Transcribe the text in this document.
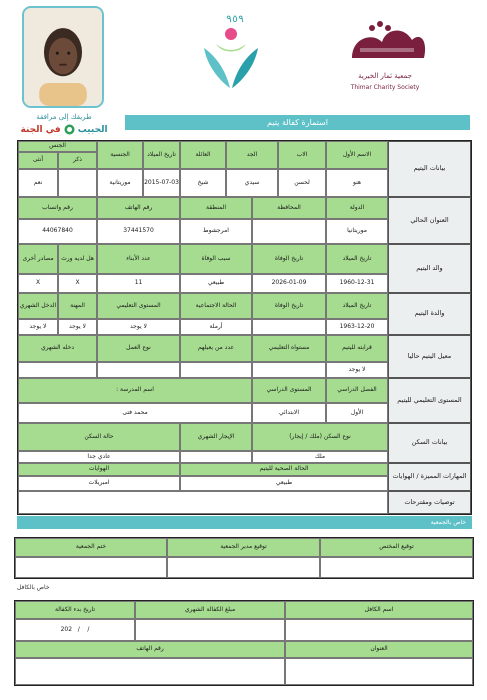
طريقك إلى مرافقة
الحبيب
في الجنة
٩٥٩
جمعية ثمار الخيرية
Thimar Charity Society
استمارة كفالة يتيم
بيانات اليتيم
الاسم الأول
الاب
الجد
العائلة
تاريخ الميلاد
الجنسية
الجنس
ذكر
أنثى
هنو
لحسن
سيدي
شيخ
2015-07-03
موريتانية
نعم
العنوان الحالي
الدولة
المحافظة
المنطقة
رقم الهاتف
رقم واتساب
موريتانيا
امرجشوط
37441570
44067840
والد اليتيم
تاريخ الميلاد
تاريخ الوفاة
سبب الوفاة
عدد الأبناء
هل لديه ورث
مصادر أخرى
1960-12-31
2026-01-09
طبيعي
11
X
X
والدة اليتيم
تاريخ الميلاد
تاريخ الوفاة
الحالة الاجتماعية
المستوى التعليمي
المهنة
الدخل الشهري
1963-12-20
أرملة
لا يوجد
لا يوجد
لا يوجد
معيل اليتيم حاليا
قرابته لليتيم
مستواه التعليمي
عدد من يعيلهم
نوع العمل
دخله الشهري
لا يوجد
المستوى التعليمي لليتيم
الفصل الدراسي
المستوى الدراسي
اسم المدرسة :
الأول
الابتدائي
محمد فتى
بيانات السكن
نوع السكن (ملك / إيجار)
الإيجار الشهري
حالة السكن
ملك
عادي جدا
المهارات المميزة / الهوايات
الحالة الصحية لليتيم
الهوايات
طبيعي
امبريلات
توصيات ومقترحات
خاص بالجمعية
توقيع المختص
توقيع مدير الجمعية
ختم الجمعية
خاص بالكافل
اسم الكافل
مبلغ الكفالة الشهري
تاريخ بدء الكفالة
202   /    /
العنوان
رقم الهاتف
